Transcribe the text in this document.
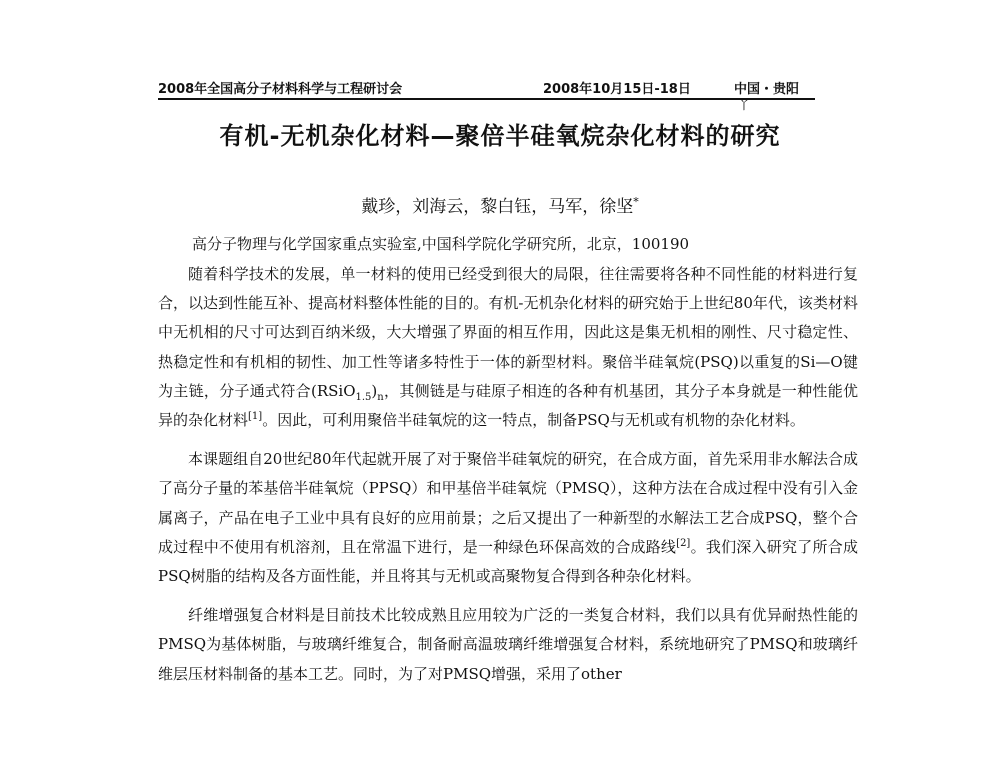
2008年全国高分子材料科学与工程研讨会	2008年10月15日-18日	中国・贵阳
丫
有机-无机杂化材料—聚倍半硅氧烷杂化材料的研究
戴珍，刘海云，黎白钰，马军，徐坚*
高分子物理与化学国家重点实验室,中国科学院化学研究所，北京，100190

随着科学技术的发展，单一材料的使用已经受到很大的局限，往往需要将各种不同性能的材料进行复合，以达到性能互补、提高材料整体性能的目的。有机-无机杂化材料的研究始于上世纪80年代，该类材料中无机相的尺寸可达到百纳米级，大大增强了界面的相互作用，因此这是集无机相的刚性、尺寸稳定性、热稳定性和有机相的韧性、加工性等诸多特性于一体的新型材料。聚倍半硅氧烷(PSQ)以重复的Si—O键为主链，分子通式符合$(RSiO_{1.5})_n$，其侧链是与硅原子相连的各种有机基团，其分子本身就是一种性能优异的杂化材料[1]。因此，可利用聚倍半硅氧烷的这一特点，制备PSQ与无机或有机物的杂化材料。

本课题组自20世纪80年代起就开展了对于聚倍半硅氧烷的研究，在合成方面，首先采用非水解法合成了高分子量的苯基倍半硅氧烷（PPSQ）和甲基倍半硅氧烷（PMSQ），这种方法在合成过程中没有引入金属离子，产品在电子工业中具有良好的应用前景；之后又提出了一种新型的水解法工艺合成PSQ，整个合成过程中不使用有机溶剂，且在常温下进行，是一种绿色环保高效的合成路线[2]。我们深入研究了所合成PSQ树脂的结构及各方面性能，并且将其与无机或高聚物复合得到各种杂化材料。

纤维增强复合材料是目前技术比较成熟且应用较为广泛的一类复合材料，我们以具有优异耐热性能的PMSQ为基体树脂，与玻璃纤维复合，制备耐高温玻璃纤维增强复合材料，系统地研究了PMSQ和玻璃纤维层压材料制备的基本工艺。同时，为了对PMSQ增强，采用了other
